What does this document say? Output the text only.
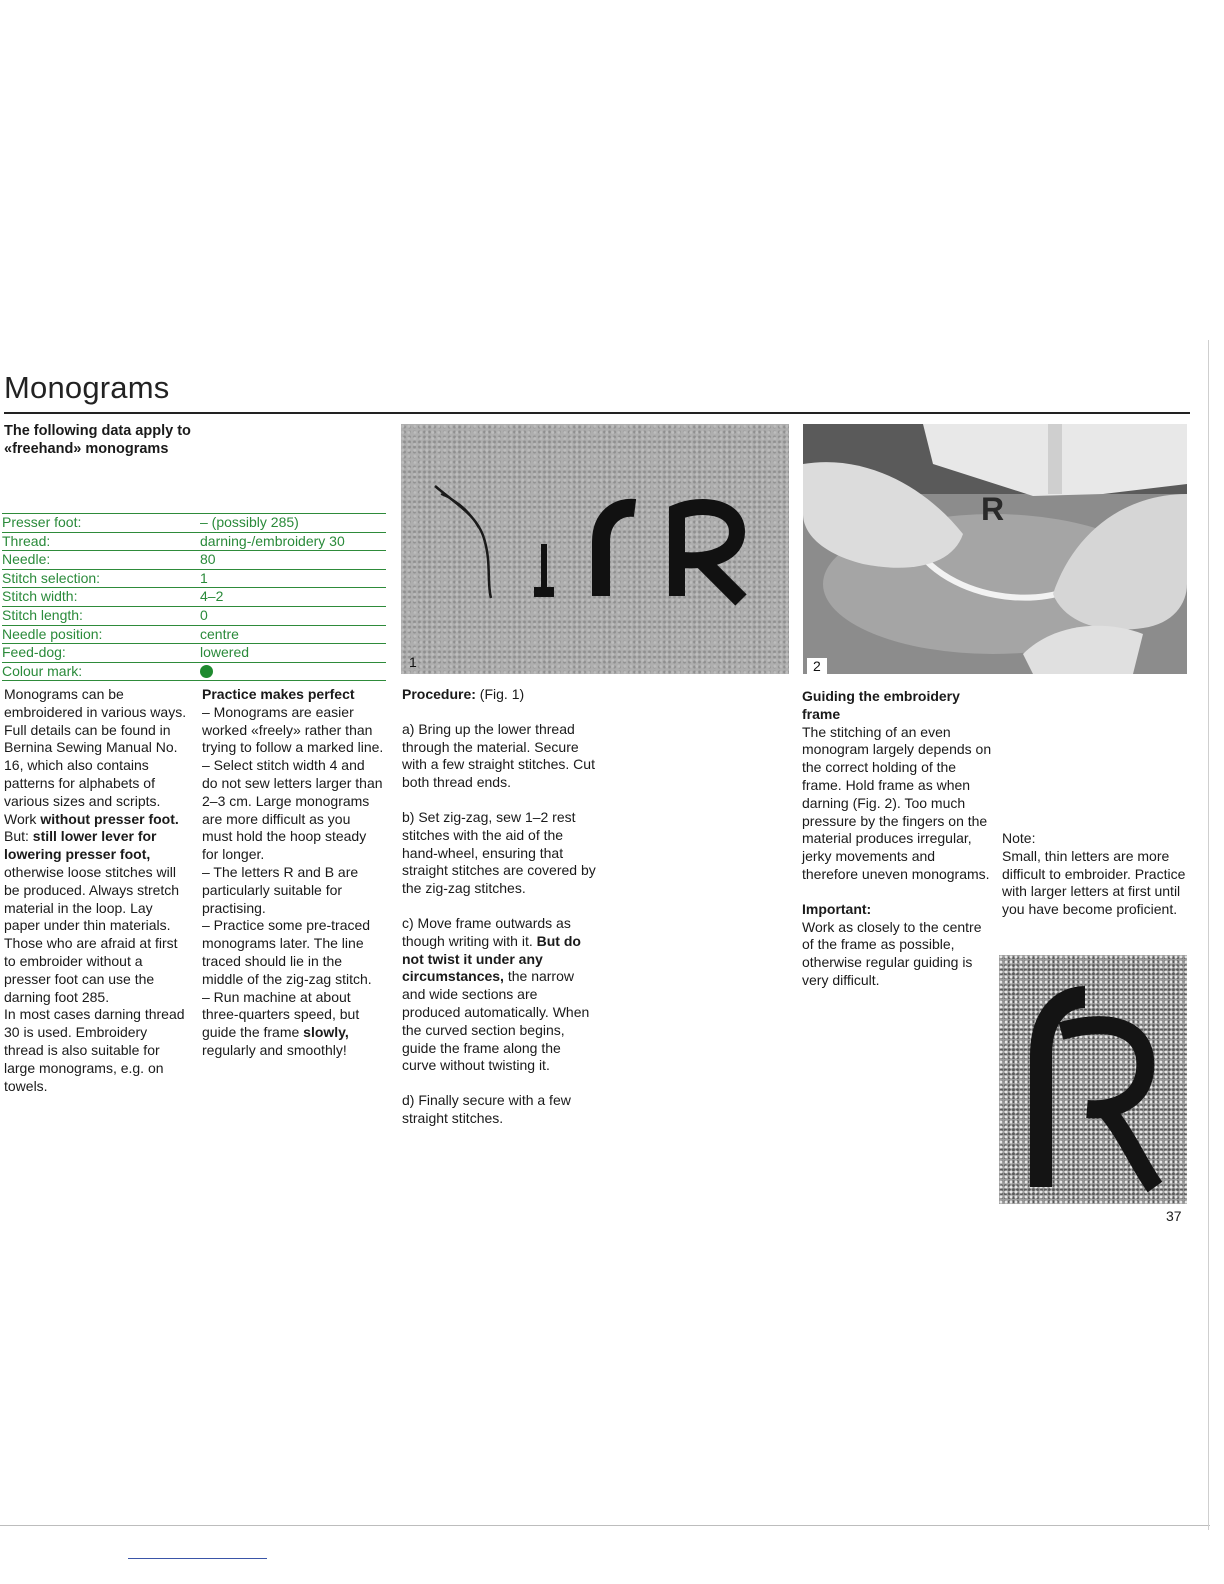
Monograms
The following data apply to «freehand» monograms
Presser foot:	– (possibly 285)
Thread:	darning-/embroidery 30
Needle:	80
Stitch selection:	1
Stitch width:	4–2
Stitch length:	0
Needle position:	centre
Feed-dog:	lowered
Colour mark:

Monograms can be embroidered in various ways. Full details can be found in Bernina Sewing Manual No. 16, which also contains patterns for alphabets of various sizes and scripts.

Work without presser foot. But: still lower lever for lowering presser foot, otherwise loose stitches will be produced. Always stretch material in the loop. Lay paper under thin materials.

Those who are afraid at first to embroider without a presser foot can use the darning foot 285.

In most cases darning thread 30 is used. Embroidery thread is also suitable for large monograms, e.g. on towels.

Practice makes perfect

– Monograms are easier worked «freely» rather than trying to follow a marked line.

– Select stitch width 4 and do not sew letters larger than 2–3 cm. Large monograms are more difficult as you must hold the hoop steady for longer.

– The letters R and B are particularly suitable for practising.

– Practice some pre-traced monograms later. The line traced should lie in the middle of the zig-zag stitch.

– Run machine at about three-quarters speed, but guide the frame slowly, regularly and smoothly!

Procedure: (Fig. 1)

a) Bring up the lower thread through the material. Secure with a few straight stitches. Cut both thread ends.

b) Set zig-zag, sew 1–2 rest stitches with the aid of the hand-wheel, ensuring that straight stitches are covered by the zig-zag stitches.

c) Move frame outwards as though writing with it. But do not twist it under any circumstances, the narrow and wide sections are produced automatically. When the curved section begins, guide the frame along the curve without twisting it.

d) Finally secure with a few straight stitches.

Guiding the embroidery frame

The stitching of an even monogram largely depends on the correct holding of the frame. Hold frame as when darning (Fig. 2). Too much pressure by the fingers on the material produces irregular, jerky movements and therefore uneven monograms.

Important:

Work as closely to the centre of the frame as possible, otherwise regular guiding is very difficult.

Note:

Small, thin letters are more difficult to embroider. Practice with larger letters at first until you have become proficient.

1
R
2
37
